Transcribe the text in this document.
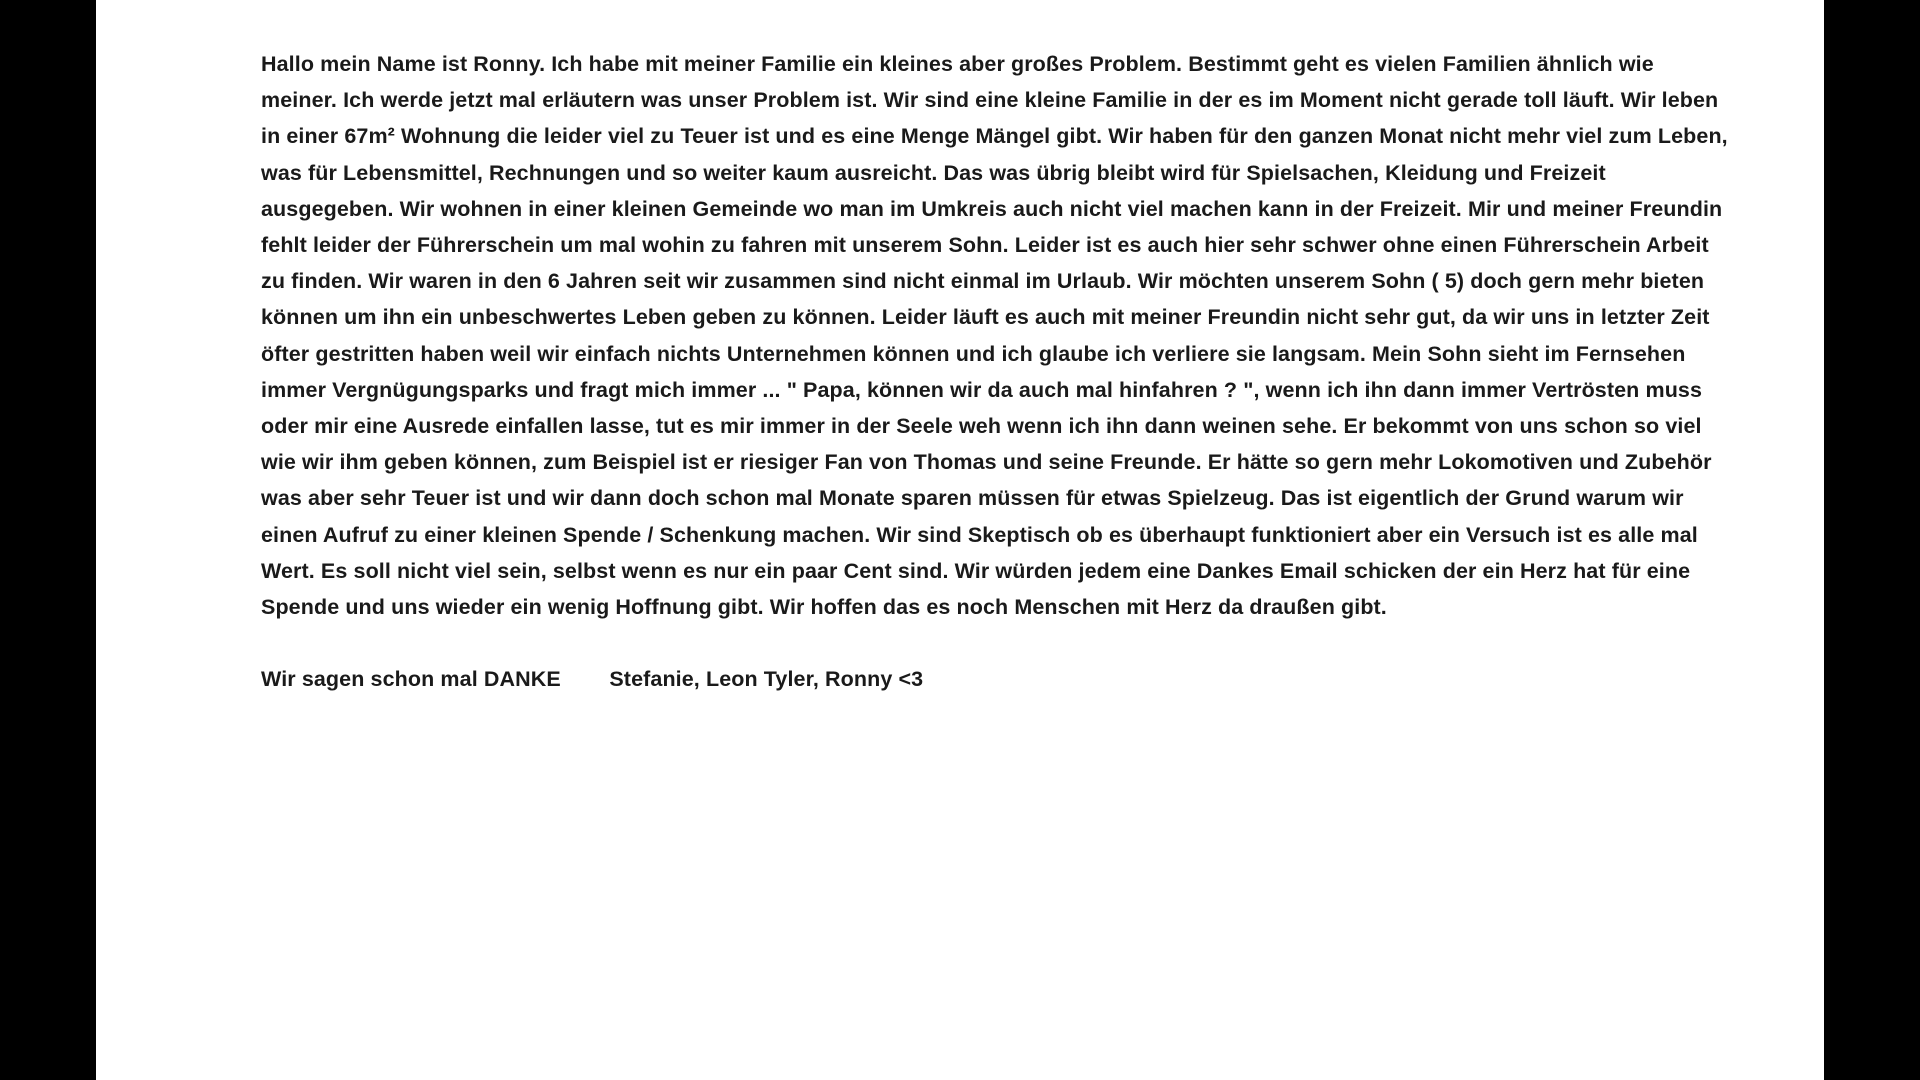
Hallo mein Name ist Ronny. Ich habe mit meiner Familie ein kleines aber großes Problem. Bestimmt geht es vielen Familien ähnlich wie meiner. Ich werde jetzt mal erläutern was unser Problem ist. Wir sind eine kleine Familie in der es im Moment nicht gerade toll läuft. Wir leben in einer 67m² Wohnung die leider viel zu Teuer ist und es eine Menge Mängel gibt. Wir haben für den ganzen Monat nicht mehr viel zum Leben, was für Lebensmittel, Rechnungen und so weiter kaum ausreicht. Das was übrig bleibt wird für Spielsachen, Kleidung und Freizeit ausgegeben. Wir wohnen in einer kleinen Gemeinde wo man im Umkreis auch nicht viel machen kann in der Freizeit. Mir und meiner Freundin fehlt leider der Führerschein um mal wohin zu fahren mit unserem Sohn. Leider ist es auch hier sehr schwer ohne einen Führerschein Arbeit zu finden. Wir waren in den 6 Jahren seit wir zusammen sind nicht einmal im Urlaub. Wir möchten unserem Sohn ( 5) doch gern mehr bieten können um ihn ein unbeschwertes Leben geben zu können. Leider läuft es auch mit meiner Freundin nicht sehr gut, da wir uns in letzter Zeit öfter gestritten haben weil wir einfach nichts Unternehmen können und ich glaube ich verliere sie langsam. Mein Sohn sieht im Fernsehen immer Vergnügungsparks und fragt mich immer ... " Papa, können wir da auch mal hinfahren ? ", wenn ich ihn dann immer Vertrösten muss oder mir eine Ausrede einfallen lasse, tut es mir immer in der Seele weh wenn ich ihn dann weinen sehe. Er bekommt von uns schon so viel wie wir ihm geben können, zum Beispiel ist er riesiger Fan von Thomas und seine Freunde. Er hätte so gern mehr Lokomotiven und Zubehör was aber sehr Teuer ist und wir dann doch schon mal Monate sparen müssen für etwas Spielzeug. Das ist eigentlich der Grund warum wir einen Aufruf zu einer kleinen Spende / Schenkung machen. Wir sind Skeptisch ob es überhaupt funktioniert aber ein Versuch ist es alle mal Wert. Es soll nicht viel sein, selbst wenn es nur ein paar Cent sind. Wir würden jedem eine Dankes Email schicken der ein Herz hat für eine Spende und uns wieder ein wenig Hoffnung gibt. Wir hoffen das es noch Menschen mit Herz da draußen gibt.

Wir sagen schon mal DANKE        Stefanie, Leon Tyler, Ronny <3
